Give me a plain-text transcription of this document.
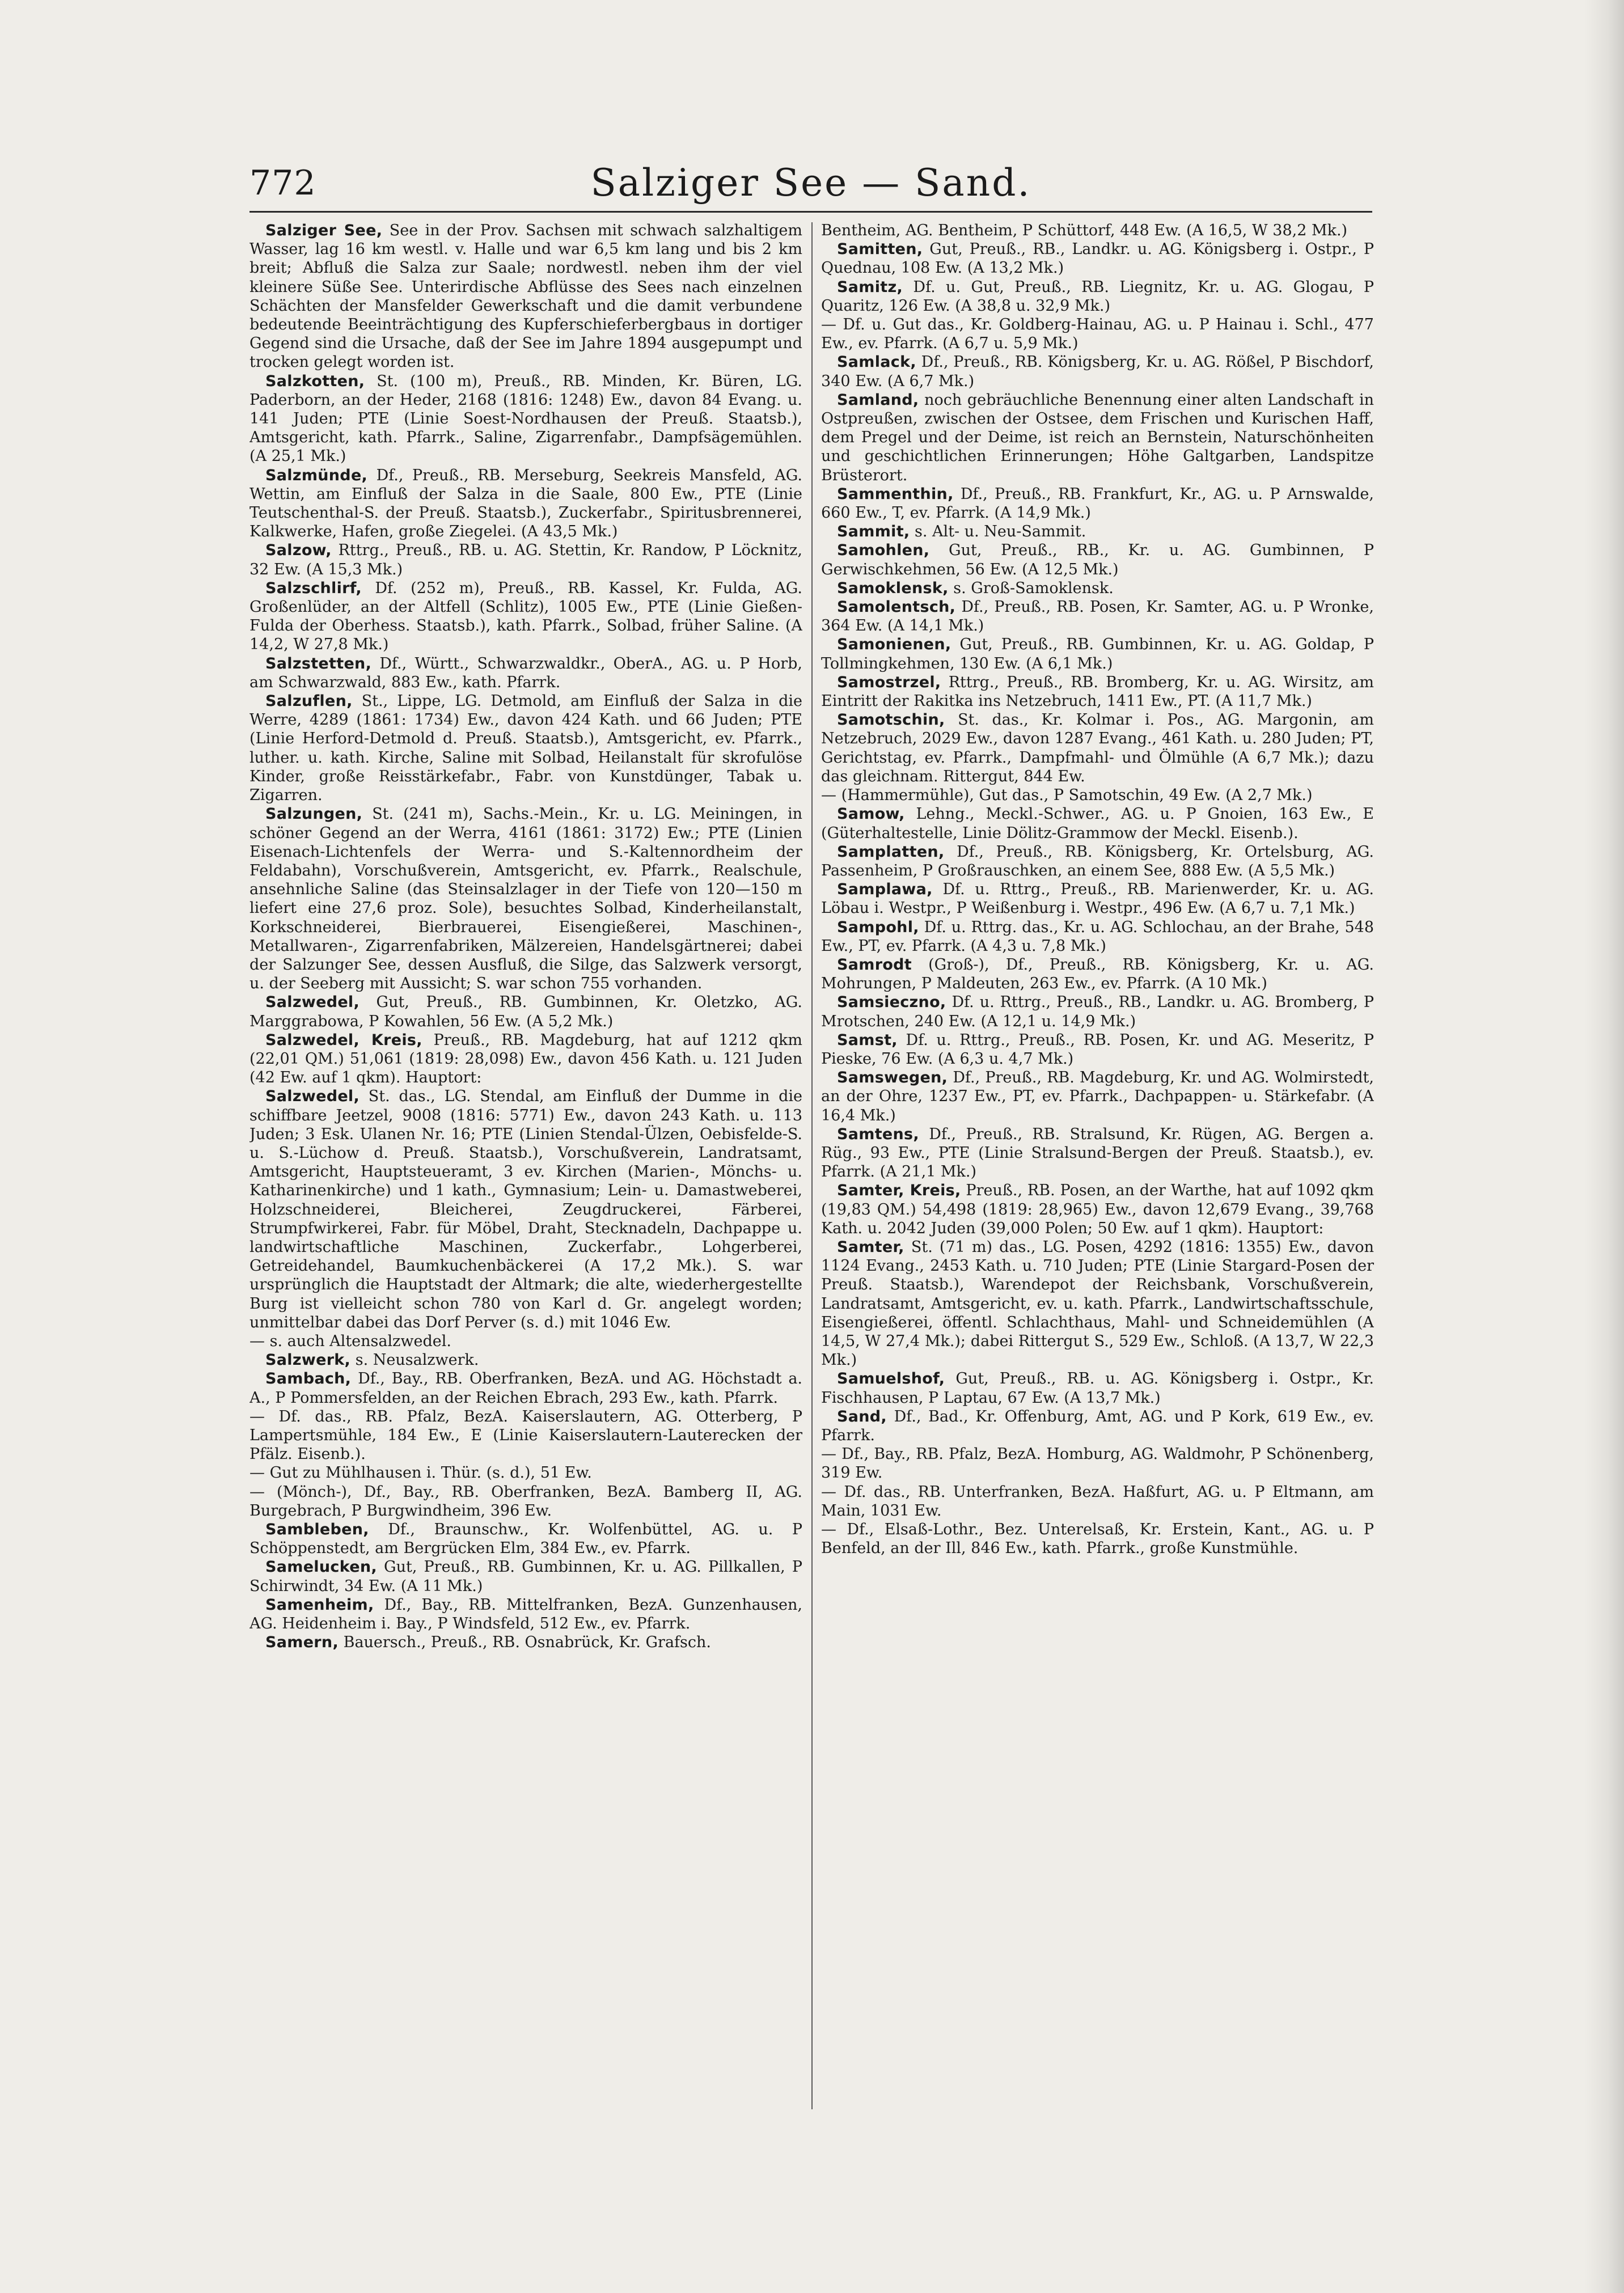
772	Salziger See — Sand.

Salziger See, See in der Prov. Sachsen mit schwach salzhaltigem Wasser, lag 16 km westl. v. Halle und war 6,5 km lang und bis 2 km breit; Abfluß die Salza zur Saale; nordwestl. neben ihm der viel kleinere Süße See. Unterirdische Abflüsse des Sees nach einzelnen Schächten der Mansfelder Gewerkschaft und die damit verbundene bedeutende Beeinträchtigung des Kupferschieferbergbaus in dortiger Gegend sind die Ursache, daß der See im Jahre 1894 ausgepumpt und trocken gelegt worden ist.

Salzkotten, St. (100 m), Preuß., RB. Minden, Kr. Büren, LG. Paderborn, an der Heder, 2168 (1816: 1248) Ew., davon 84 Evang. u. 141 Juden; PTE (Linie Soest-Nordhausen der Preuß. Staatsb.), Amtsgericht, kath. Pfarrk., Saline, Zigarrenfabr., Dampfsägemühlen. (A 25,1 Mk.)

Salzmünde, Df., Preuß., RB. Merseburg, Seekreis Mansfeld, AG. Wettin, am Einfluß der Salza in die Saale, 800 Ew., PTE (Linie Teutschenthal-S. der Preuß. Staatsb.), Zuckerfabr., Spiritusbrennerei, Kalkwerke, Hafen, große Ziegelei. (A 43,5 Mk.)

Salzow, Rttrg., Preuß., RB. u. AG. Stettin, Kr. Randow, P Löcknitz, 32 Ew. (A 15,3 Mk.)

Salzschlirf, Df. (252 m), Preuß., RB. Kassel, Kr. Fulda, AG. Großenlüder, an der Altfell (Schlitz), 1005 Ew., PTE (Linie Gießen-Fulda der Oberhess. Staatsb.), kath. Pfarrk., Solbad, früher Saline. (A 14,2, W 27,8 Mk.)

Salzstetten, Df., Württ., Schwarzwaldkr., OberA., AG. u. P Horb, am Schwarzwald, 883 Ew., kath. Pfarrk.

Salzuflen, St., Lippe, LG. Detmold, am Einfluß der Salza in die Werre, 4289 (1861: 1734) Ew., davon 424 Kath. und 66 Juden; PTE (Linie Herford-Detmold d. Preuß. Staatsb.), Amtsgericht, ev. Pfarrk., luther. u. kath. Kirche, Saline mit Solbad, Heilanstalt für skrofulöse Kinder, große Reisstärkefabr., Fabr. von Kunstdünger, Tabak u. Zigarren.

Salzungen, St. (241 m), Sachs.-Mein., Kr. u. LG. Meiningen, in schöner Gegend an der Werra, 4161 (1861: 3172) Ew.; PTE (Linien Eisenach-Lichtenfels der Werra- und S.-Kaltennordheim der Feldabahn), Vorschußverein, Amtsgericht, ev. Pfarrk., Realschule, ansehnliche Saline (das Steinsalzlager in der Tiefe von 120—150 m liefert eine 27,6 proz. Sole), besuchtes Solbad, Kinderheilanstalt, Korkschneiderei, Bierbrauerei, Eisengießerei, Maschinen-, Metallwaren-, Zigarrenfabriken, Mälzereien, Handelsgärtnerei; dabei der Salzunger See, dessen Ausfluß, die Silge, das Salzwerk versorgt, u. der Seeberg mit Aussicht; S. war schon 755 vorhanden.

Salzwedel, Gut, Preuß., RB. Gumbinnen, Kr. Oletzko, AG. Marggrabowa, P Kowahlen, 56 Ew. (A 5,2 Mk.)

Salzwedel, Kreis, Preuß., RB. Magdeburg, hat auf 1212 qkm (22,01 QM.) 51,061 (1819: 28,098) Ew., davon 456 Kath. u. 121 Juden (42 Ew. auf 1 qkm). Hauptort:

Salzwedel, St. das., LG. Stendal, am Einfluß der Dumme in die schiffbare Jeetzel, 9008 (1816: 5771) Ew., davon 243 Kath. u. 113 Juden; 3 Esk. Ulanen Nr. 16; PTE (Linien Stendal-Ülzen, Oebisfelde-S. u. S.-Lüchow d. Preuß. Staatsb.), Vorschußverein, Landratsamt, Amtsgericht, Hauptsteueramt, 3 ev. Kirchen (Marien-, Mönchs- u. Katharinenkirche) und 1 kath., Gymnasium; Lein- u. Damastweberei, Holzschneiderei, Bleicherei, Zeugdruckerei, Färberei, Strumpfwirkerei, Fabr. für Möbel, Draht, Stecknadeln, Dachpappe u. landwirtschaftliche Maschinen, Zuckerfabr., Lohgerberei, Getreidehandel, Baumkuchenbäckerei (A 17,2 Mk.). S. war ursprünglich die Hauptstadt der Altmark; die alte, wiederhergestellte Burg ist vielleicht schon 780 von Karl d. Gr. angelegt worden; unmittelbar dabei das Dorf Perver (s. d.) mit 1046 Ew.

— s. auch Altensalzwedel.

Salzwerk, s. Neusalzwerk.

Sambach, Df., Bay., RB. Oberfranken, BezA. und AG. Höchstadt a. A., P Pommersfelden, an der Reichen Ebrach, 293 Ew., kath. Pfarrk.

— Df. das., RB. Pfalz, BezA. Kaiserslautern, AG. Otterberg, P Lampertsmühle, 184 Ew., E (Linie Kaiserslautern-Lauterecken der Pfälz. Eisenb.).

— Gut zu Mühlhausen i. Thür. (s. d.), 51 Ew.

— (Mönch-), Df., Bay., RB. Oberfranken, BezA. Bamberg II, AG. Burgebrach, P Burgwindheim, 396 Ew.

Sambleben, Df., Braunschw., Kr. Wolfenbüttel, AG. u. P Schöppenstedt, am Bergrücken Elm, 384 Ew., ev. Pfarrk.

Samelucken, Gut, Preuß., RB. Gumbinnen, Kr. u. AG. Pillkallen, P Schirwindt, 34 Ew. (A 11 Mk.)

Samenheim, Df., Bay., RB. Mittelfranken, BezA. Gunzenhausen, AG. Heidenheim i. Bay., P Windsfeld, 512 Ew., ev. Pfarrk.

Samern, Bauersch., Preuß., RB. Osnabrück, Kr. Grafsch.

Bentheim, AG. Bentheim, P Schüttorf, 448 Ew. (A 16,5, W 38,2 Mk.)

Samitten, Gut, Preuß., RB., Landkr. u. AG. Königsberg i. Ostpr., P Quednau, 108 Ew. (A 13,2 Mk.)

Samitz, Df. u. Gut, Preuß., RB. Liegnitz, Kr. u. AG. Glogau, P Quaritz, 126 Ew. (A 38,8 u. 32,9 Mk.)

— Df. u. Gut das., Kr. Goldberg-Hainau, AG. u. P Hainau i. Schl., 477 Ew., ev. Pfarrk. (A 6,7 u. 5,9 Mk.)

Samlack, Df., Preuß., RB. Königsberg, Kr. u. AG. Rößel, P Bischdorf, 340 Ew. (A 6,7 Mk.)

Samland, noch gebräuchliche Benennung einer alten Landschaft in Ostpreußen, zwischen der Ostsee, dem Frischen und Kurischen Haff, dem Pregel und der Deime, ist reich an Bernstein, Naturschönheiten und geschichtlichen Erinnerungen; Höhe Galtgarben, Landspitze Brüsterort.

Sammenthin, Df., Preuß., RB. Frankfurt, Kr., AG. u. P Arnswalde, 660 Ew., T, ev. Pfarrk. (A 14,9 Mk.)

Sammit, s. Alt- u. Neu-Sammit.

Samohlen, Gut, Preuß., RB., Kr. u. AG. Gumbinnen, P Gerwischkehmen, 56 Ew. (A 12,5 Mk.)

Samoklensk, s. Groß-Samoklensk.

Samolentsch, Df., Preuß., RB. Posen, Kr. Samter, AG. u. P Wronke, 364 Ew. (A 14,1 Mk.)

Samonienen, Gut, Preuß., RB. Gumbinnen, Kr. u. AG. Goldap, P Tollmingkehmen, 130 Ew. (A 6,1 Mk.)

Samostrzel, Rttrg., Preuß., RB. Bromberg, Kr. u. AG. Wirsitz, am Eintritt der Rakitka ins Netzebruch, 1411 Ew., PT. (A 11,7 Mk.)

Samotschin, St. das., Kr. Kolmar i. Pos., AG. Margonin, am Netzebruch, 2029 Ew., davon 1287 Evang., 461 Kath. u. 280 Juden; PT, Gerichtstag, ev. Pfarrk., Dampfmahl- und Ölmühle (A 6,7 Mk.); dazu das gleichnam. Rittergut, 844 Ew.

— (Hammermühle), Gut das., P Samotschin, 49 Ew. (A 2,7 Mk.)

Samow, Lehng., Meckl.-Schwer., AG. u. P Gnoien, 163 Ew., E (Güterhaltestelle, Linie Dölitz-Grammow der Meckl. Eisenb.).

Samplatten, Df., Preuß., RB. Königsberg, Kr. Ortelsburg, AG. Passenheim, P Großrauschken, an einem See, 888 Ew. (A 5,5 Mk.)

Samplawa, Df. u. Rttrg., Preuß., RB. Marienwerder, Kr. u. AG. Löbau i. Westpr., P Weißenburg i. Westpr., 496 Ew. (A 6,7 u. 7,1 Mk.)

Sampohl, Df. u. Rttrg. das., Kr. u. AG. Schlochau, an der Brahe, 548 Ew., PT, ev. Pfarrk. (A 4,3 u. 7,8 Mk.)

Samrodt (Groß-), Df., Preuß., RB. Königsberg, Kr. u. AG. Mohrungen, P Maldeuten, 263 Ew., ev. Pfarrk. (A 10 Mk.)

Samsieczno, Df. u. Rttrg., Preuß., RB., Landkr. u. AG. Bromberg, P Mrotschen, 240 Ew. (A 12,1 u. 14,9 Mk.)

Samst, Df. u. Rttrg., Preuß., RB. Posen, Kr. und AG. Meseritz, P Pieske, 76 Ew. (A 6,3 u. 4,7 Mk.)

Samswegen, Df., Preuß., RB. Magdeburg, Kr. und AG. Wolmirstedt, an der Ohre, 1237 Ew., PT, ev. Pfarrk., Dachpappen- u. Stärkefabr. (A 16,4 Mk.)

Samtens, Df., Preuß., RB. Stralsund, Kr. Rügen, AG. Bergen a. Rüg., 93 Ew., PTE (Linie Stralsund-Bergen der Preuß. Staatsb.), ev. Pfarrk. (A 21,1 Mk.)

Samter, Kreis, Preuß., RB. Posen, an der Warthe, hat auf 1092 qkm (19,83 QM.) 54,498 (1819: 28,965) Ew., davon 12,679 Evang., 39,768 Kath. u. 2042 Juden (39,000 Polen; 50 Ew. auf 1 qkm). Hauptort:

Samter, St. (71 m) das., LG. Posen, 4292 (1816: 1355) Ew., davon 1124 Evang., 2453 Kath. u. 710 Juden; PTE (Linie Stargard-Posen der Preuß. Staatsb.), Warendepot der Reichsbank, Vorschußverein, Landratsamt, Amtsgericht, ev. u. kath. Pfarrk., Landwirtschaftsschule, Eisengießerei, öffentl. Schlachthaus, Mahl- und Schneidemühlen (A 14,5, W 27,4 Mk.); dabei Rittergut S., 529 Ew., Schloß. (A 13,7, W 22,3 Mk.)

Samuelshof, Gut, Preuß., RB. u. AG. Königsberg i. Ostpr., Kr. Fischhausen, P Laptau, 67 Ew. (A 13,7 Mk.)

Sand, Df., Bad., Kr. Offenburg, Amt, AG. und P Kork, 619 Ew., ev. Pfarrk.

— Df., Bay., RB. Pfalz, BezA. Homburg, AG. Waldmohr, P Schönenberg, 319 Ew.

— Df. das., RB. Unterfranken, BezA. Haßfurt, AG. u. P Eltmann, am Main, 1031 Ew.

— Df., Elsaß-Lothr., Bez. Unterelsaß, Kr. Erstein, Kant., AG. u. P Benfeld, an der Ill, 846 Ew., kath. Pfarrk., große Kunstmühle.
